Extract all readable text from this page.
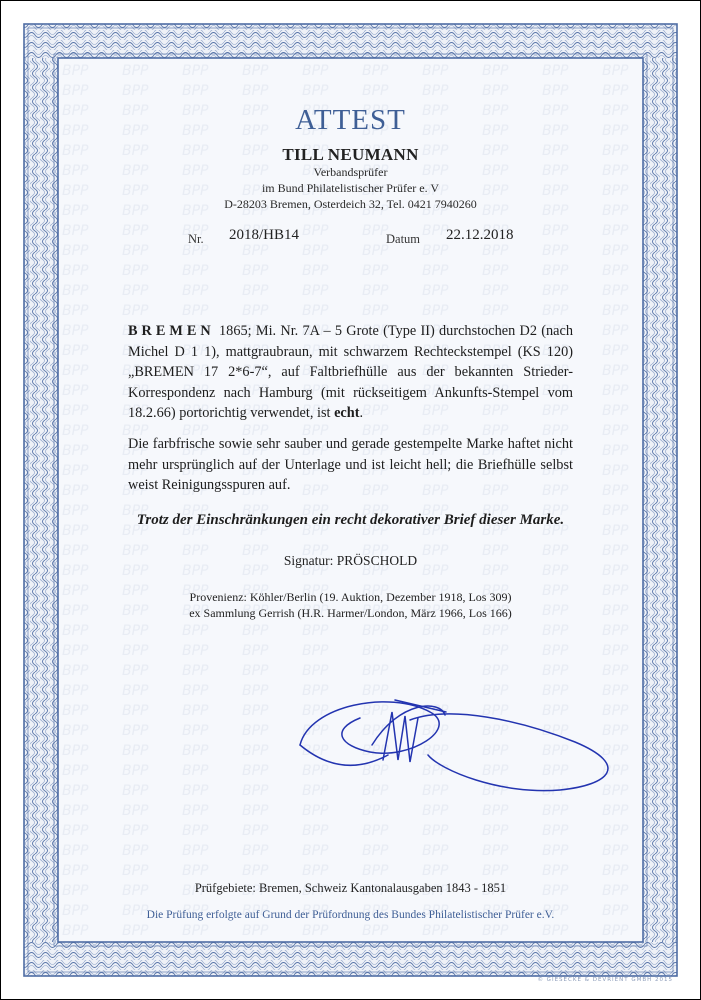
ATTEST
TILL NEUMANN
Verbandsprüfer
im Bund Philatelistischer Prüfer e. V
D-28203 Bremen, Osterdeich 32, Tel. 0421 7940260
Nr. 2018/HB14	Datum 22.12.2018
BREMEN 1865; Mi. Nr. 7A – 5 Grote (Type II) durchstochen D2 (nach Michel D 1 1), mattgraubraun, mit schwarzem Rechteckstempel (KS 120) „BREMEN 17 2*6-7“, auf Faltbriefhülle aus der bekannten Strieder-Korrespondenz nach Hamburg (mit rückseitigem Ankunfts-Stempel vom 18.2.66) portorichtig verwendet, ist echt.
Die farbfrische sowie sehr sauber und gerade gestempelte Marke haftet nicht mehr ursprünglich auf der Unterlage und ist leicht hell; die Briefhülle selbst weist Reinigungsspuren auf.
Trotz der Einschränkungen ein recht dekorativer Brief dieser Marke.
Signatur: PRÖSCHOLD
Provenienz: Köhler/Berlin (19. Auktion, Dezember 1918, Los 309)
ex Sammlung Gerrish (H.R. Harmer/London, März 1966, Los 166)
Prüfgebiete: Bremen, Schweiz Kantonalausgaben 1843 - 1851
Die Prüfung erfolgte auf Grund der Prüfordnung des Bundes Philatelistischer Prüfer e.V.
© GIESECKE & DEVRIENT GMBH 2015
